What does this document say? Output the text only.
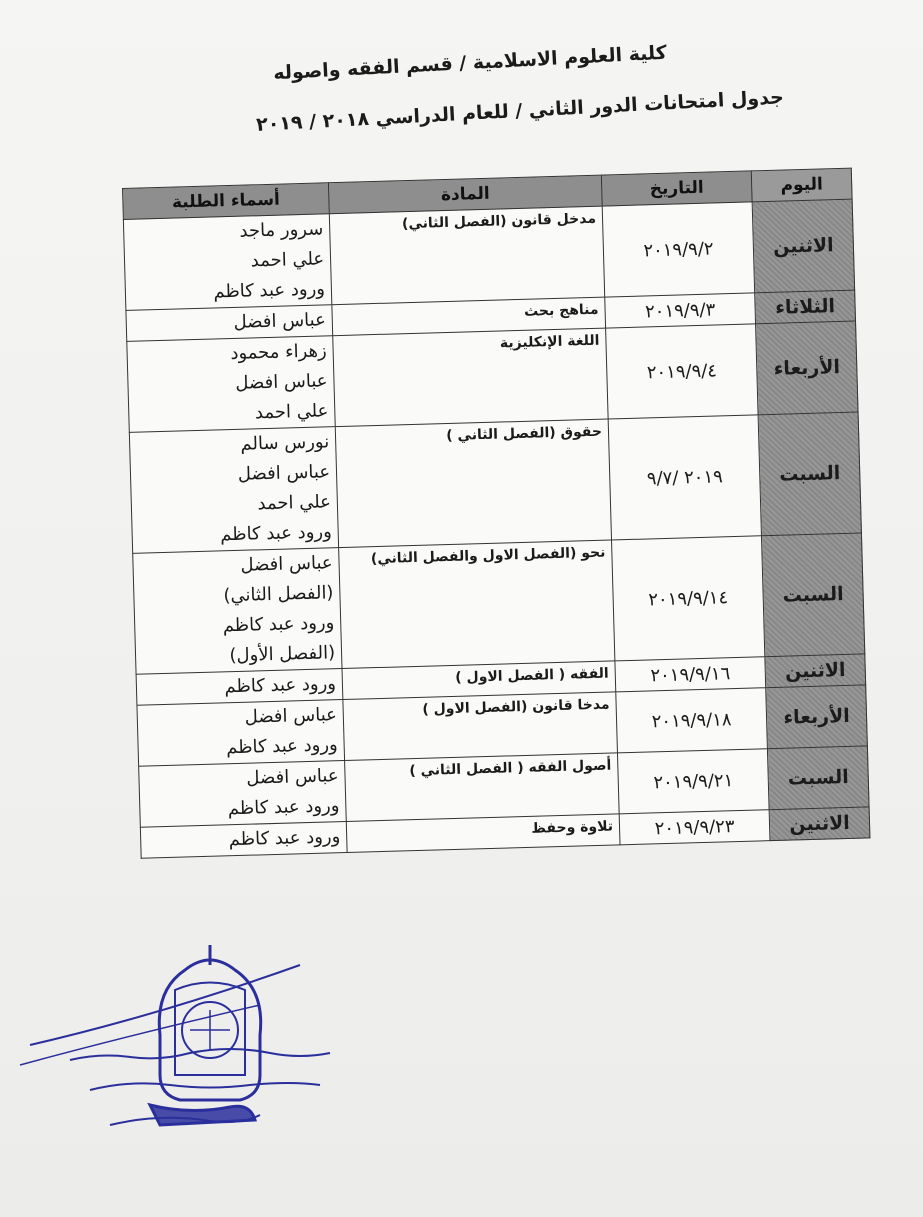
كلية العلوم الاسلامية / قسم الفقه واصوله
جدول امتحانات الدور الثاني / للعام الدراسي ٢٠١٨ / ٢٠١٩
اليوم	التاريخ	المادة	أسماء الطلبة
الاثنين	٢٠١٩/٩/٢	مدخل قانون (الفصل الثاني)	سرور ماجد
علي احمد
ورود عبد كاظم

الثلاثاء	٢٠١٩/٩/٣	مناهج بحث	عباس افضل

الأربعاء	٢٠١٩/٩/٤	اللغة الإنكليزية	زهراء محمود
عباس افضل
علي احمد

السبت	٢٠١٩ /٩/٧	حقوق (الفصل الثاني )	نورس سالم
عباس افضل
علي احمد
ورود عبد كاظم

السبت	٢٠١٩/٩/١٤	نحو (الفصل الاول والفصل الثاني)	عباس افضل
(الفصل الثاني)
ورود عبد كاظم
(الفصل الأول)

الاثنين	٢٠١٩/٩/١٦	الفقه ( الفصل الاول )	ورود عبد كاظم

الأربعاء	٢٠١٩/٩/١٨	مدخا قانون (الفصل الاول )	عباس افضل
ورود عبد كاظم

السبت	٢٠١٩/٩/٢١	أصول الفقه ( الفصل الثاني )	عباس افضل
ورود عبد كاظم

الاثنين	٢٠١٩/٩/٢٣	تلاوة وحفظ	ورود عبد كاظم
